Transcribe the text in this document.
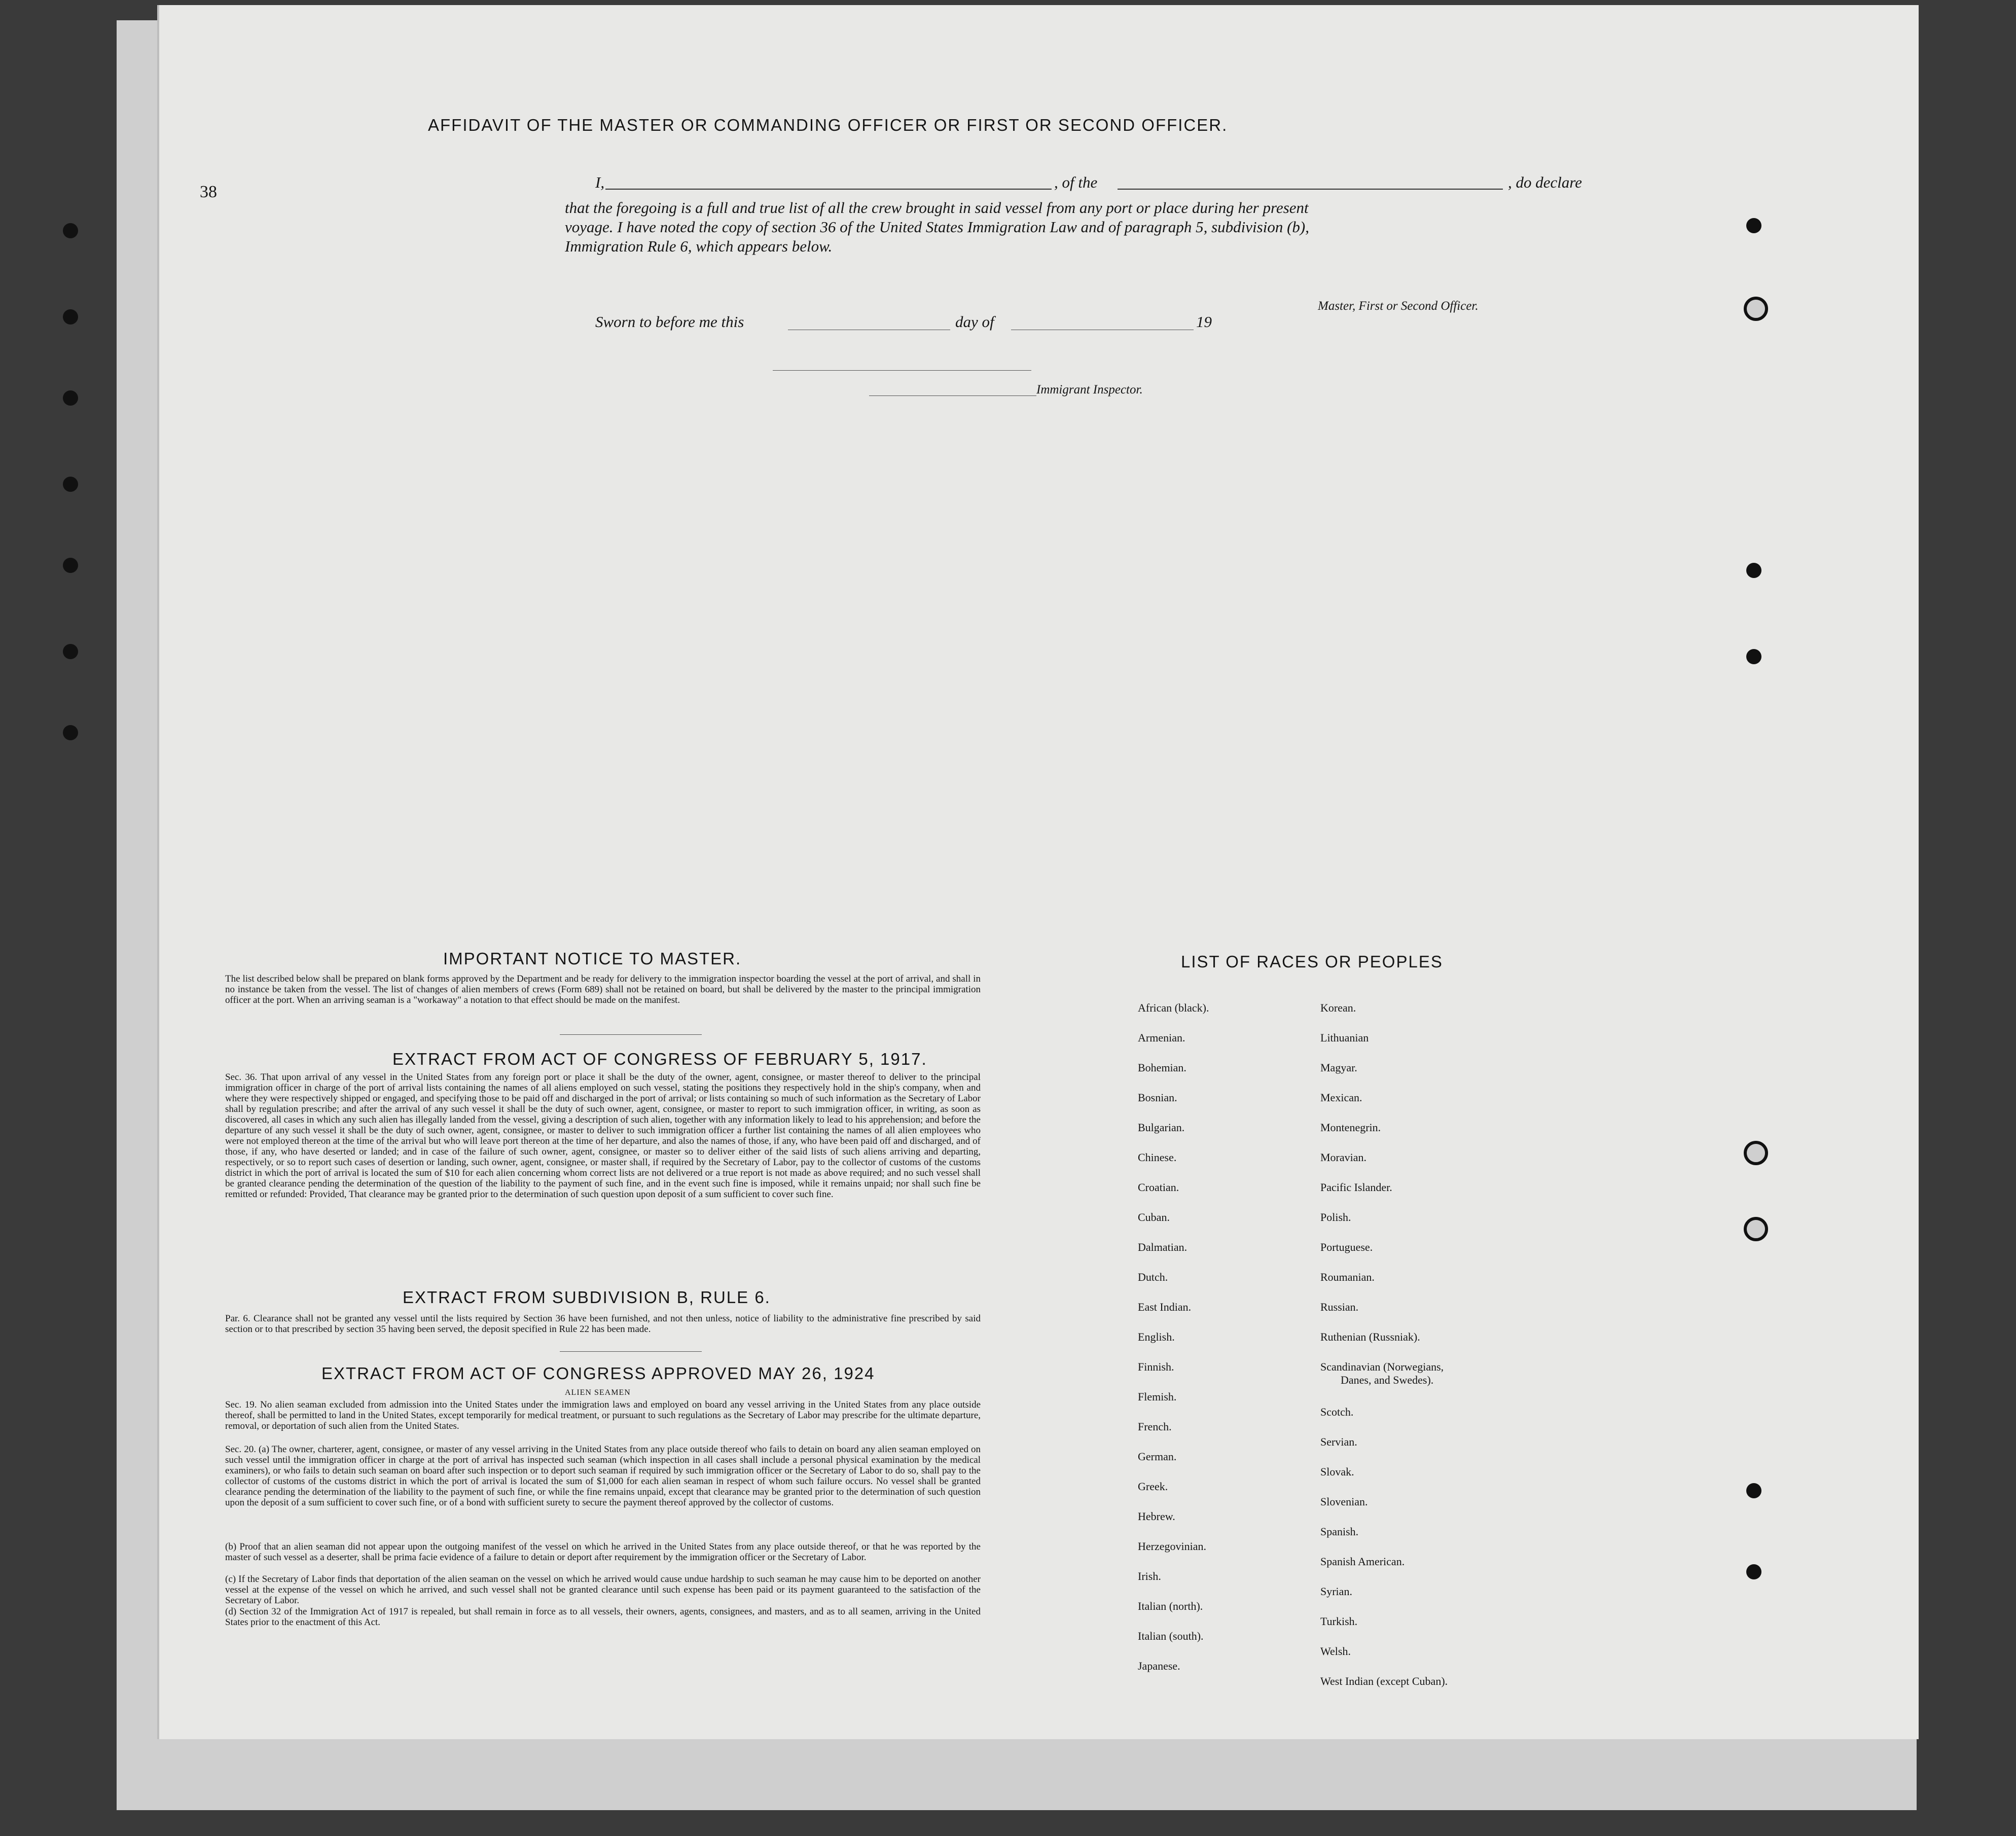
38
AFFIDAVIT OF THE MASTER OR COMMANDING OFFICER OR FIRST OR SECOND OFFICER.
I,	, of the	, do declare
that the foregoing is a full and true list of all the crew brought in said vessel from any port or place during her present
voyage. I have noted the copy of section 36 of the United States Immigration Law and of paragraph 5, subdivision (b),
Immigration Rule 6, which appears below.
Master, First or Second Officer.
Sworn to before me this	day of	19
Immigrant Inspector.
IMPORTANT NOTICE TO MASTER.
The list described below shall be prepared on blank forms approved by the Department and be ready for delivery to the immigration inspector boarding the vessel at the port of arrival, and shall in no instance be taken from the vessel. The list of changes of alien members of crews (Form 689) shall not be retained on board, but shall be delivered by the master to the principal immigration officer at the port. When an arriving seaman is a "workaway" a notation to that effect should be made on the manifest.
EXTRACT FROM ACT OF CONGRESS OF FEBRUARY 5, 1917.
Sec. 36. That upon arrival of any vessel in the United States from any foreign port or place it shall be the duty of the owner, agent, consignee, or master thereof to deliver to the principal immigration officer in charge of the port of arrival lists containing the names of all aliens employed on such vessel, stating the positions they respectively hold in the ship's company, when and where they were respectively shipped or engaged, and specifying those to be paid off and discharged in the port of arrival; or lists containing so much of such information as the Secretary of Labor shall by regulation prescribe; and after the arrival of any such vessel it shall be the duty of such owner, agent, consignee, or master to report to such immigration officer, in writing, as soon as discovered, all cases in which any such alien has illegally landed from the vessel, giving a description of such alien, together with any information likely to lead to his apprehension; and before the departure of any such vessel it shall be the duty of such owner, agent, consignee, or master to deliver to such immigration officer a further list containing the names of all alien employees who were not employed thereon at the time of the arrival but who will leave port thereon at the time of her departure, and also the names of those, if any, who have been paid off and discharged, and of those, if any, who have deserted or landed; and in case of the failure of such owner, agent, consignee, or master so to deliver either of the said lists of such aliens arriving and departing, respectively, or so to report such cases of desertion or landing, such owner, agent, consignee, or master shall, if required by the Secretary of Labor, pay to the collector of customs of the customs district in which the port of arrival is located the sum of $10 for each alien concerning whom correct lists are not delivered or a true report is not made as above required; and no such vessel shall be granted clearance pending the determination of the question of the liability to the payment of such fine, and in the event such fine is imposed, while it remains unpaid; nor shall such fine be remitted or refunded: Provided, That clearance may be granted prior to the determination of such question upon deposit of a sum sufficient to cover such fine.
EXTRACT FROM SUBDIVISION B, RULE 6.
Par. 6. Clearance shall not be granted any vessel until the lists required by Section 36 have been furnished, and not then unless, notice of liability to the administrative fine prescribed by said section or to that prescribed by section 35 having been served, the deposit specified in Rule 22 has been made.
EXTRACT FROM ACT OF CONGRESS APPROVED MAY 26, 1924
ALIEN SEAMEN
Sec. 19. No alien seaman excluded from admission into the United States under the immigration laws and employed on board any vessel arriving in the United States from any place outside thereof, shall be permitted to land in the United States, except temporarily for medical treatment, or pursuant to such regulations as the Secretary of Labor may prescribe for the ultimate departure, removal, or deportation of such alien from the United States.
Sec. 20. (a) The owner, charterer, agent, consignee, or master of any vessel arriving in the United States from any place outside thereof who fails to detain on board any alien seaman employed on such vessel until the immigration officer in charge at the port of arrival has inspected such seaman (which inspection in all cases shall include a personal physical examination by the medical examiners), or who fails to detain such seaman on board after such inspection or to deport such seaman if required by such immigration officer or the Secretary of Labor to do so, shall pay to the collector of customs of the customs district in which the port of arrival is located the sum of $1,000 for each alien seaman in respect of whom such failure occurs. No vessel shall be granted clearance pending the determination of the liability to the payment of such fine, or while the fine remains unpaid, except that clearance may be granted prior to the determination of such question upon the deposit of a sum sufficient to cover such fine, or of a bond with sufficient surety to secure the payment thereof approved by the collector of customs.
(b) Proof that an alien seaman did not appear upon the outgoing manifest of the vessel on which he arrived in the United States from any place outside thereof, or that he was reported by the master of such vessel as a deserter, shall be prima facie evidence of a failure to detain or deport after requirement by the immigration officer or the Secretary of Labor.
(c) If the Secretary of Labor finds that deportation of the alien seaman on the vessel on which he arrived would cause undue hardship to such seaman he may cause him to be deported on another vessel at the expense of the vessel on which he arrived, and such vessel shall not be granted clearance until such expense has been paid or its payment guaranteed to the satisfaction of the Secretary of Labor.
(d) Section 32 of the Immigration Act of 1917 is repealed, but shall remain in force as to all vessels, their owners, agents, consignees, and masters, and as to all seamen, arriving in the United States prior to the enactment of this Act.
LIST OF RACES OR PEOPLES
African (black).
Armenian.
Bohemian.
Bosnian.
Bulgarian.
Chinese.
Croatian.
Cuban.
Dalmatian.
Dutch.
East Indian.
English.
Finnish.
Flemish.
French.
German.
Greek.
Hebrew.
Herzegovinian.
Irish.
Italian (north).
Italian (south).
Japanese.
Korean.
Lithuanian
Magyar.
Mexican.
Montenegrin.
Moravian.
Pacific Islander.
Polish.
Portuguese.
Roumanian.
Russian.
Ruthenian (Russniak).
Scandinavian (Norwegians,
Danes, and Swedes).
Scotch.
Servian.
Slovak.
Slovenian.
Spanish.
Spanish American.
Syrian.
Turkish.
Welsh.
West Indian (except Cuban).
